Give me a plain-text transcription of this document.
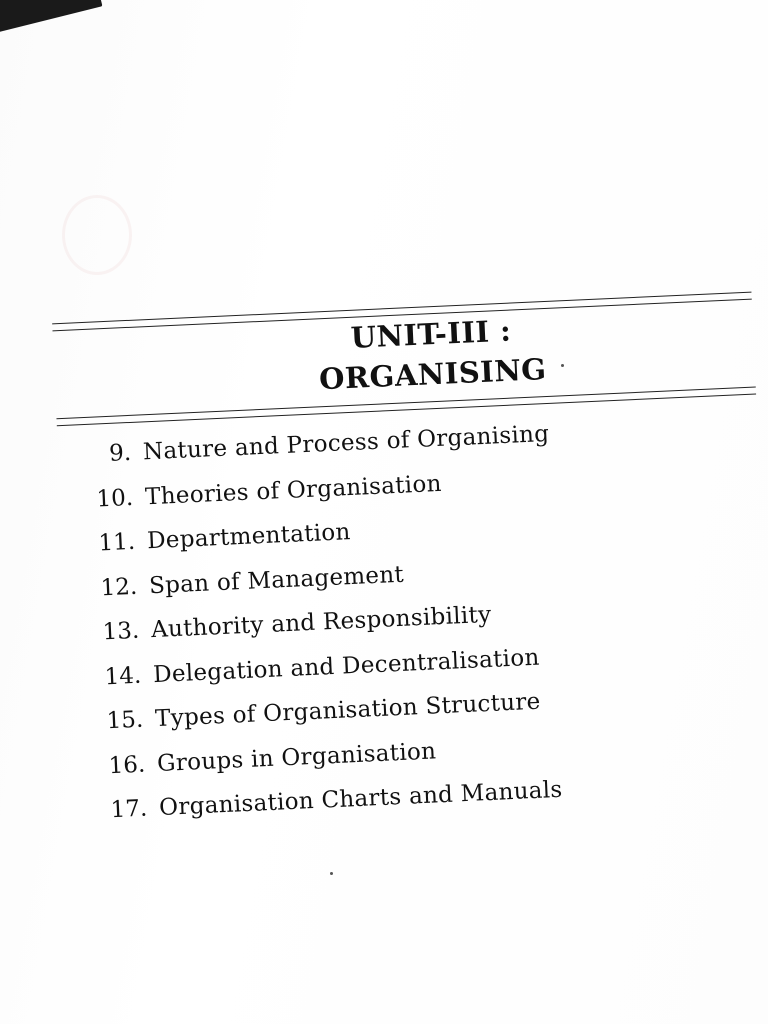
UNIT-III :
ORGANISING
9. Nature and Process of Organising
10. Theories of Organisation
11. Departmentation
12. Span of Management
13. Authority and Responsibility
14. Delegation and Decentralisation
15. Types of Organisation Structure
16. Groups in Organisation
17. Organisation Charts and Manuals
